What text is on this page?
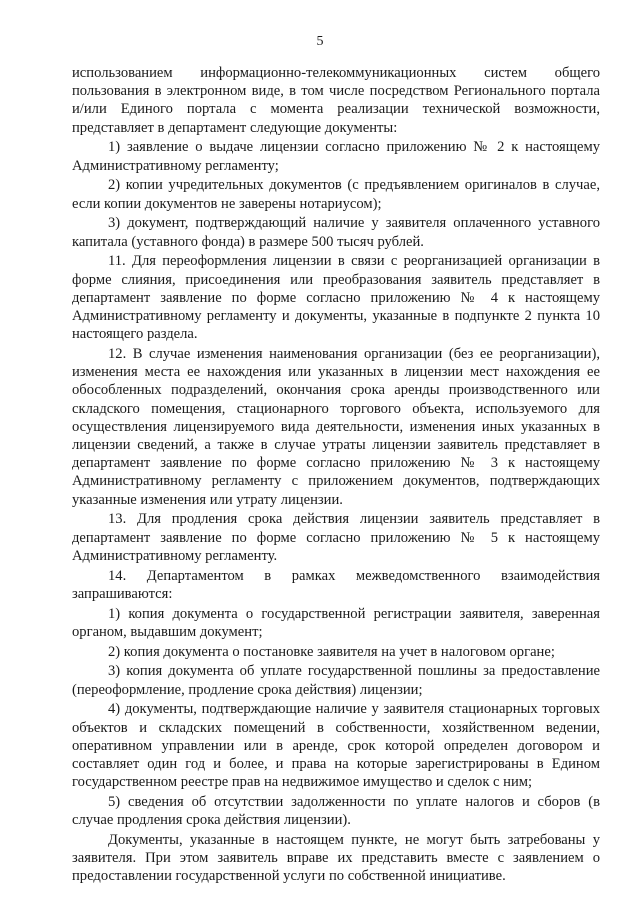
5

использованием информационно-телекоммуникационных систем общего пользования в электронном виде, в том числе посредством Регионального портала и/или Единого портала с момента реализации технической возможности, представляет в департамент следующие документы:

1) заявление о выдаче лицензии согласно приложению № 2 к настоящему Административному регламенту;

2) копии учредительных документов (с предъявлением оригиналов в случае, если копии документов не заверены нотариусом);

3) документ, подтверждающий наличие у заявителя оплаченного уставного капитала (уставного фонда) в размере 500 тысяч рублей.

11. Для переоформления лицензии в связи с реорганизацией организации в форме слияния, присоединения или преобразования заявитель представляет в департамент заявление по форме согласно приложению № 4 к настоящему Административному регламенту и документы, указанные в подпункте 2 пункта 10 настоящего раздела.

12. В случае изменения наименования организации (без ее реорганизации), изменения места ее нахождения или указанных в лицензии мест нахождения ее обособленных подразделений, окончания срока аренды производственного или складского помещения, стационарного торгового объекта, используемого для осуществления лицензируемого вида деятельности, изменения иных указанных в лицензии сведений, а также в случае утраты лицензии заявитель представляет в департамент заявление по форме согласно приложению № 3 к настоящему Административному регламенту с приложением документов, подтверждающих указанные изменения или утрату лицензии.

13. Для продления срока действия лицензии заявитель представляет в департамент заявление по форме согласно приложению № 5 к настоящему Административному регламенту.

14. Департаментом в рамках межведомственного взаимодействия запрашиваются:

1) копия документа о государственной регистрации заявителя, заверенная органом, выдавшим документ;

2) копия документа о постановке заявителя на учет в налоговом органе;

3) копия документа об уплате государственной пошлины за предоставление (переоформление, продление срока действия) лицензии;

4) документы, подтверждающие наличие у заявителя стационарных торговых объектов и складских помещений в собственности, хозяйственном ведении, оперативном управлении или в аренде, срок которой определен договором и составляет один год и более, и права на которые зарегистрированы в Едином государственном реестре прав на недвижимое имущество и сделок с ним;

5) сведения об отсутствии задолженности по уплате налогов и сборов (в случае продления срока действия лицензии).

Документы, указанные в настоящем пункте, не могут быть затребованы у заявителя. При этом заявитель вправе их представить вместе с заявлением о предоставлении государственной услуги по собственной инициативе.
